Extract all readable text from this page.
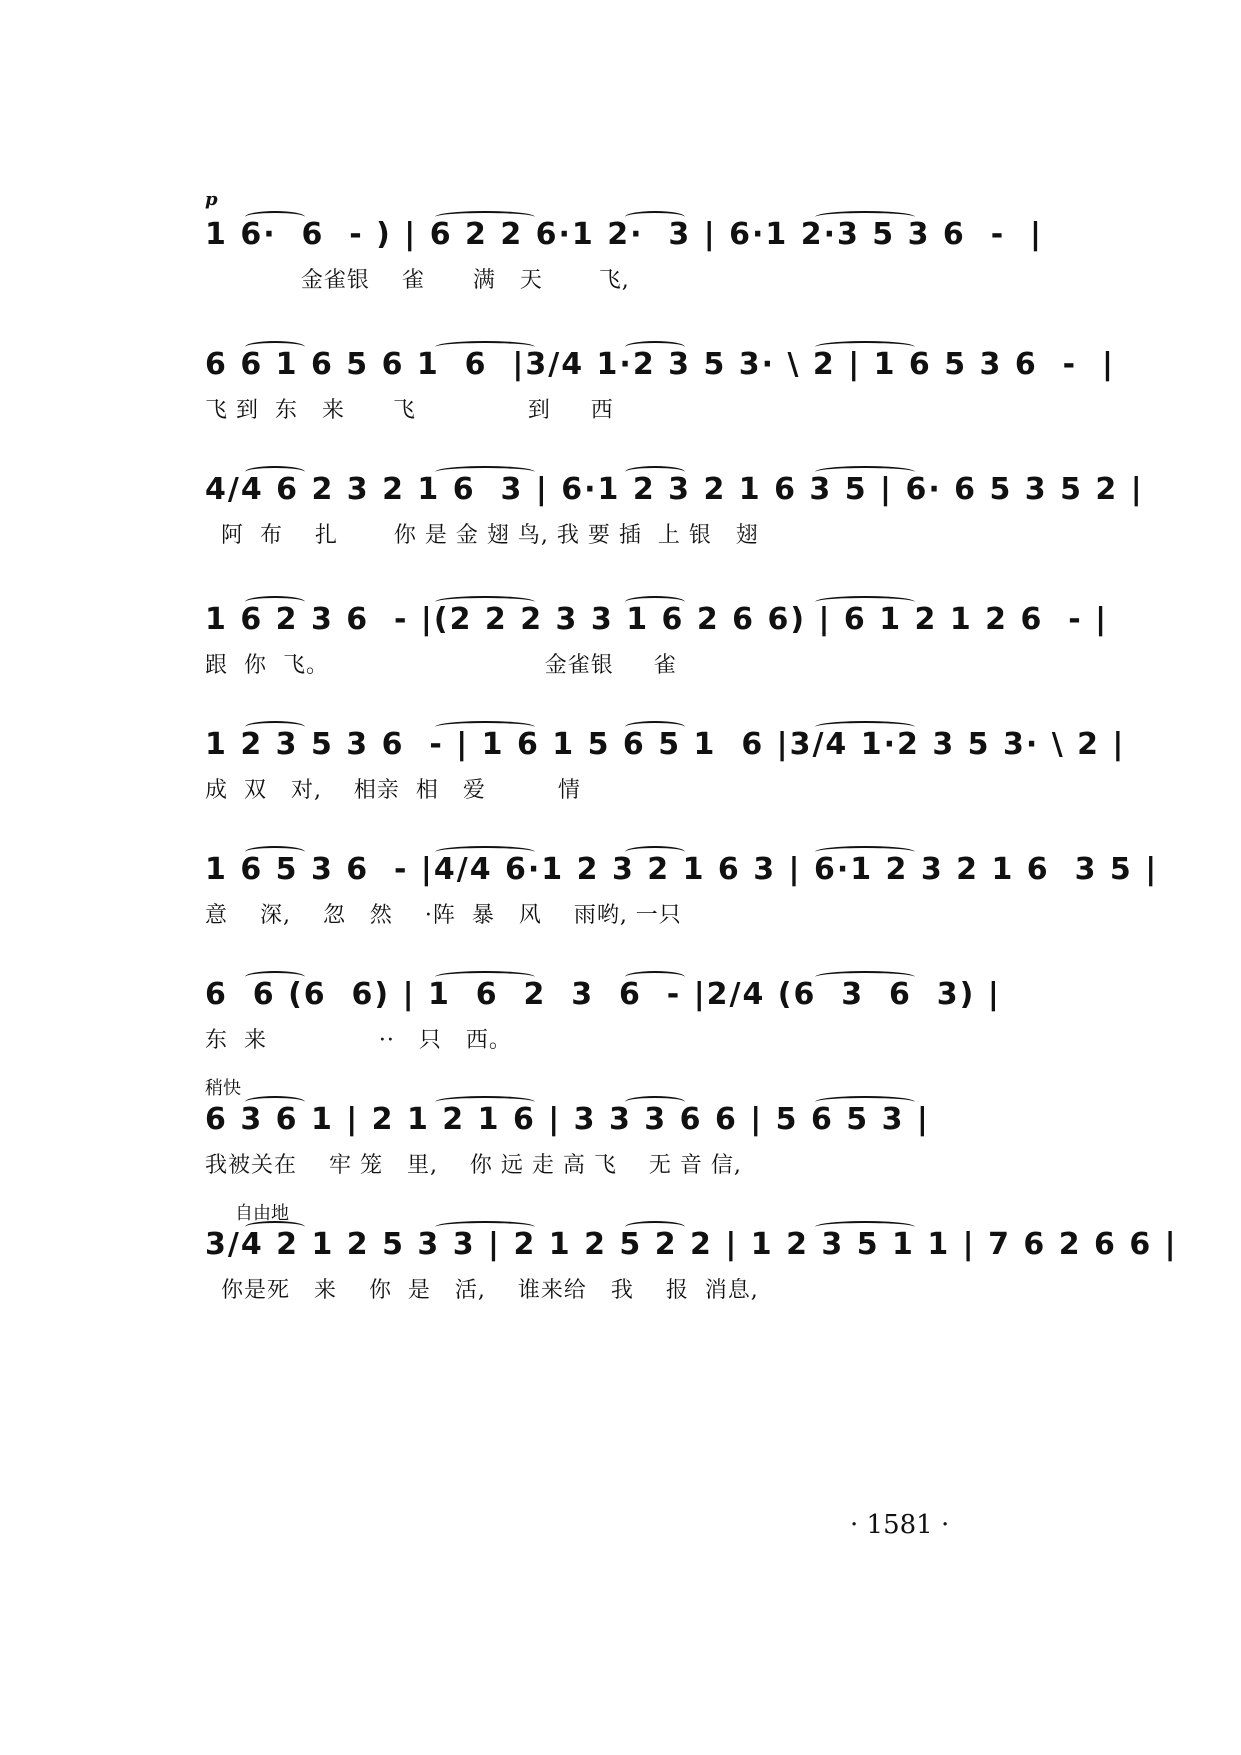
p
1 6·  6  - ) | 6 2 2 6·1 2·  3 | 6·1 2·3 5 3 6  -  |
金雀银    雀      满   天       飞,
6 6 1 6 5 6 1  6  |3/4 1·2 3 5 3· \ 2 | 1 6 5 3 6  -  |
飞 到  东   来      飞              到     西
4/4 6 2 3 2 1 6  3 | 6·1 2 3 2 1 6 3 5 | 6· 6 5 3 5 2 |
阿  布    扎       你 是 金 翅 鸟, 我 要 插  上 银   翅
1 6 2 3 6  - |(2 2 2 3 3 1 6 2 6 6) | 6 1 2 1 2 6  - |
跟  你  飞。                           金雀银     雀
1 2 3 5 3 6  - | 1 6 1 5 6 5 1  6 |3/4 1·2 3 5 3· \ 2 |
成  双   对,    相亲  相   爱         情
1 6 5 3 6  - |4/4 6·1 2 3 2 1 6 3 | 6·1 2 3 2 1 6  3 5 |
意    深,    忽   然    ·阵  暴   风    雨哟, 一只
6  6 (6  6) | 1  6  2  3  6  - |2/4 (6  3  6  3) |
东  来              ··   只   西。
稍快
6 3 6 1 | 2 1 2 1 6 | 3 3 3 6 6 | 5 6 5 3 |
我被关在    牢 笼   里,    你 远 走 高 飞    无 音 信,
自由地
3/4 2 1 2 5 3 3 | 2 1 2 5 2 2 | 1 2 3 5 1 1 | 7 6 2 6 6 |
你是死   来    你  是   活,    谁来给   我    报  消息,
· 1581 ·
